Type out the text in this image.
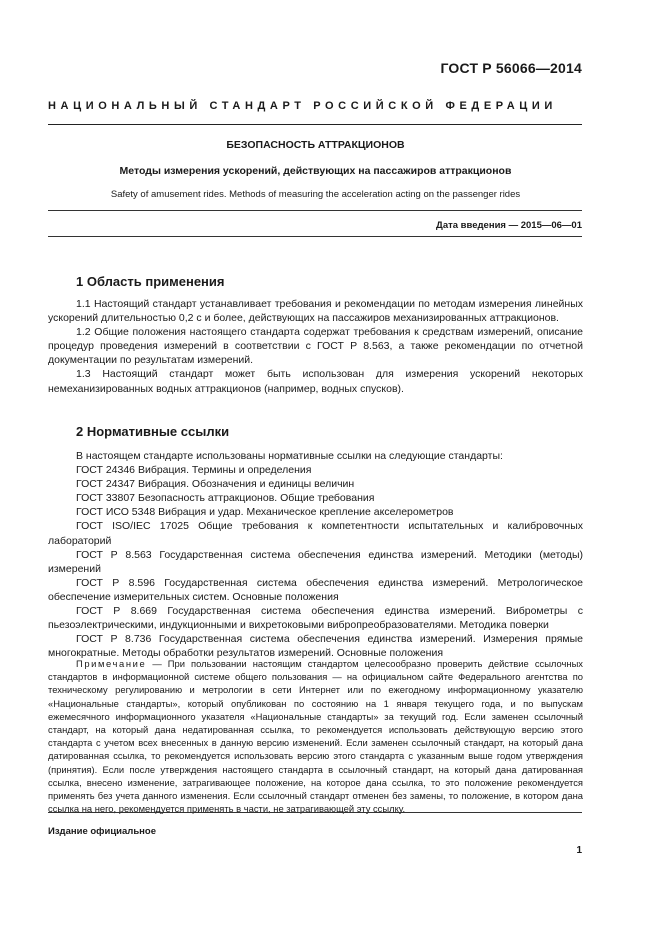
ГОСТ Р 56066—2014
НАЦИОНАЛЬНЫЙ СТАНДАРТ РОССИЙСКОЙ ФЕДЕРАЦИИ
БЕЗОПАСНОСТЬ АТТРАКЦИОНОВ
Методы измерения ускорений, действующих на пассажиров аттракционов
Safety of amusement rides. Methods of measuring the acceleration acting on the passenger rides
Дата введения — 2015—06—01
1 Область применения
1.1 Настоящий стандарт устанавливает требования и рекомендации по методам измерения линейных ускорений длительностью 0,2 с и более, действующих на пассажиров механизированных аттракционов.
1.2 Общие положения настоящего стандарта содержат требования к средствам измерений, описание процедур проведения измерений в соответствии с ГОСТ Р 8.563, а также рекомендации по отчетной документации по результатам измерений.
1.3 Настоящий стандарт может быть использован для измерения ускорений некоторых немеханизированных водных аттракционов (например, водных спусков).
2 Нормативные ссылки
В настоящем стандарте использованы нормативные ссылки на следующие стандарты:
ГОСТ 24346 Вибрация. Термины и определения
ГОСТ 24347 Вибрация. Обозначения и единицы величин
ГОСТ 33807 Безопасность аттракционов. Общие требования
ГОСТ ИСО 5348 Вибрация и удар. Механическое крепление акселерометров
ГОСТ ISO/IEC 17025 Общие требования к компетентности испытательных и калибровочных лабораторий
ГОСТ Р 8.563 Государственная система обеспечения единства измерений. Методики (методы) измерений
ГОСТ Р 8.596 Государственная система обеспечения единства измерений. Метрологическое обеспечение измерительных систем. Основные положения
ГОСТ Р 8.669 Государственная система обеспечения единства измерений. Виброметры с пьезоэлектрическими, индукционными и вихретоковыми вибропреобразователями. Методика поверки
ГОСТ Р 8.736 Государственная система обеспечения единства измерений. Измерения прямые многократные. Методы обработки результатов измерений. Основные положения
Примечание — При пользовании настоящим стандартом целесообразно проверить действие ссылочных стандартов в информационной системе общего пользования — на официальном сайте Федерального агентства по техническому регулированию и метрологии в сети Интернет или по ежегодному информационному указателю «Национальные стандарты», который опубликован по состоянию на 1 января текущего года, и по выпускам ежемесячного информационного указателя «Национальные стандарты» за текущий год. Если заменен ссылочный стандарт, на который дана недатированная ссылка, то рекомендуется использовать действующую версию этого стандарта с учетом всех внесенных в данную версию изменений. Если заменен ссылочный стандарт, на который дана датированная ссылка, то рекомендуется использовать версию этого стандарта с указанным выше годом утверждения (принятия). Если после утверждения настоящего стандарта в ссылочный стандарт, на который дана датированная ссылка, внесено изменение, затрагивающее положение, на которое дана ссылка, то это положение рекомендуется применять без учета данного изменения. Если ссылочный стандарт отменен без замены, то положение, в котором дана ссылка на него, рекомендуется применять в части, не затрагивающей эту ссылку.
Издание официальное
1
